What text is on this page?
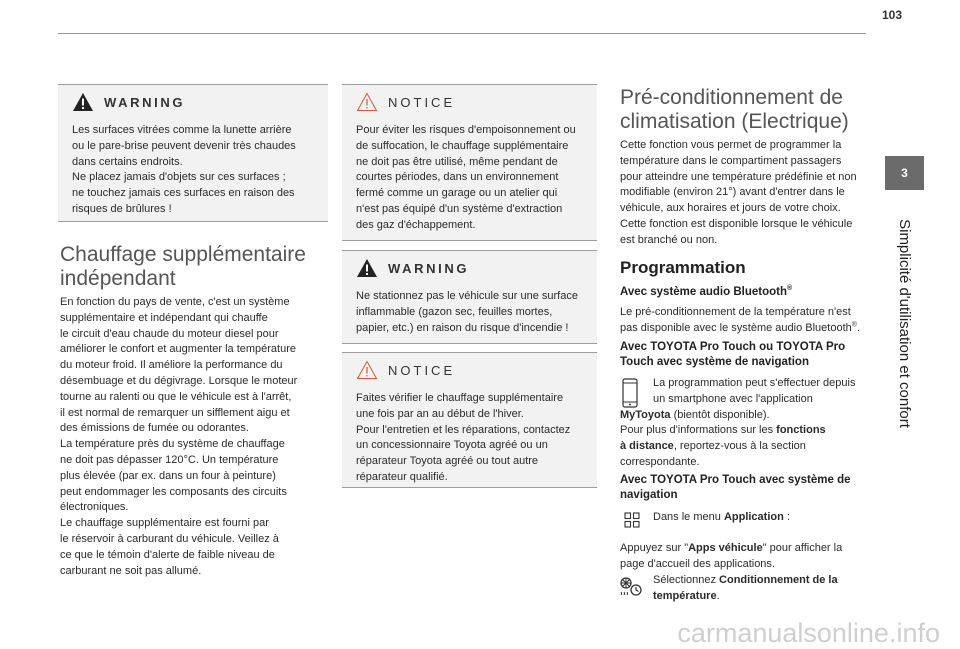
103
3
Simplicité d'utilisation et confort
WARNING

Les surfaces vitrées comme la lunette arrière

ou le pare-brise peuvent devenir très chaudes

dans certains endroits.

Ne placez jamais d'objets sur ces surfaces ;

ne touchez jamais ces surfaces en raison des

risques de brûlures !

Chauffage supplémentaire
indépendant
En fonction du pays de vente, c'est un système
supplémentaire et indépendant qui chauffe
le circuit d'eau chaude du moteur diesel pour
améliorer le confort et augmenter la température
du moteur froid. Il améliore la performance du
désembuage et du dégivrage. Lorsque le moteur
tourne au ralenti ou que le véhicule est à l'arrêt,
il est normal de remarquer un sifflement aigu et
des émissions de fumée ou odorantes.
La température près du système de chauffage
ne doit pas dépasser 120°C. Un température
plus élevée (par ex. dans un four à peinture)
peut endommager les composants des circuits
électroniques.
Le chauffage supplémentaire est fourni par
le réservoir à carburant du véhicule. Veillez à
ce que le témoin d'alerte de faible niveau de
carburant ne soit pas allumé.
NOTICE

Pour éviter les risques d'empoisonnement ou

de suffocation, le chauffage supplémentaire

ne doit pas être utilisé, même pendant de

courtes périodes, dans un environnement

fermé comme un garage ou un atelier qui

n'est pas équipé d'un système d'extraction

des gaz d'échappement.

WARNING

Ne stationnez pas le véhicule sur une surface

inflammable (gazon sec, feuilles mortes,

papier, etc.) en raison du risque d'incendie !

NOTICE

Faites vérifier le chauffage supplémentaire

une fois par an au début de l'hiver.

Pour l'entretien et les réparations, contactez

un concessionnaire Toyota agréé ou un

réparateur Toyota agréé ou tout autre

réparateur qualifié.

Pré-conditionnement de
climatisation (Electrique)
Cette fonction vous permet de programmer la
température dans le compartiment passagers
pour atteindre une température prédéfinie et non
modifiable (environ 21°) avant d'entrer dans le
véhicule, aux horaires et jours de votre choix.
Cette fonction est disponible lorsque le véhicule
est branché ou non.
Programmation
Avec système audio Bluetooth®
Le pré-conditionnement de la température n'est
pas disponible avec le système audio Bluetooth®.
Avec TOYOTA Pro Touch ou TOYOTA Pro
Touch avec système de navigation
La programmation peut s'effectuer depuis
un smartphone avec l'application
MyToyota (bientôt disponible).
Pour plus d'informations sur les fonctions
à distance, reportez-vous à la section
correspondante.
Avec TOYOTA Pro Touch avec système de
navigation
Dans le menu Application :
Appuyez sur "Apps véhicule" pour afficher la
page d'accueil des applications.
Sélectionnez Conditionnement de la
température.
carmanualsonline.info
